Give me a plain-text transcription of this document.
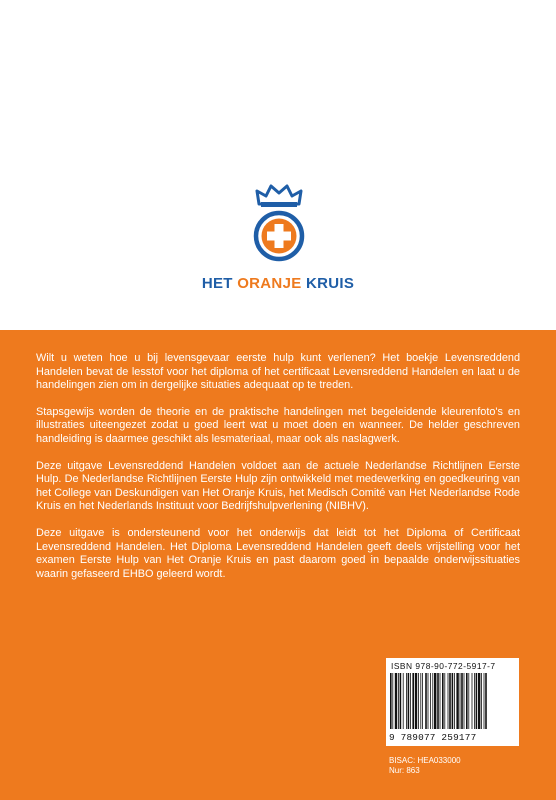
HET ORANJE KRUIS

Wilt u weten hoe u bij levensgevaar eerste hulp kunt verlenen? Het boekje Levensreddend Handelen bevat de lesstof voor het diploma of het certificaat Levensreddend Handelen en laat u de handelingen zien om in dergelijke situaties adequaat op te treden.

Stapsgewijs worden de theorie en de praktische handelingen met begeleidende kleurenfoto's en illustraties uiteengezet zodat u goed leert wat u moet doen en wanneer. De helder geschreven handleiding is daarmee geschikt als lesmateriaal, maar ook als naslagwerk.

Deze uitgave Levensreddend Handelen voldoet aan de actuele Nederlandse Richtlijnen Eerste Hulp. De Nederlandse Richtlijnen Eerste Hulp zijn ontwikkeld met medewerking en goedkeuring van het College van Deskundigen van Het Oranje Kruis, het Medisch Comité van Het Nederlandse Rode Kruis en het Nederlands Instituut voor Bedrijfshulpverlening (NIBHV).

Deze uitgave is ondersteunend voor het onderwijs dat leidt tot het Diploma of Certificaat Levensreddend Handelen. Het Diploma Levensreddend Handelen geeft deels vrijstelling voor het examen Eerste Hulp van Het Oranje Kruis en past daarom goed in bepaalde onderwijssituaties waarin gefaseerd EHBO geleerd wordt.

ISBN 978-90-772-5917-7
9 789077 259177
BISAC: HEA033000
Nur: 863
